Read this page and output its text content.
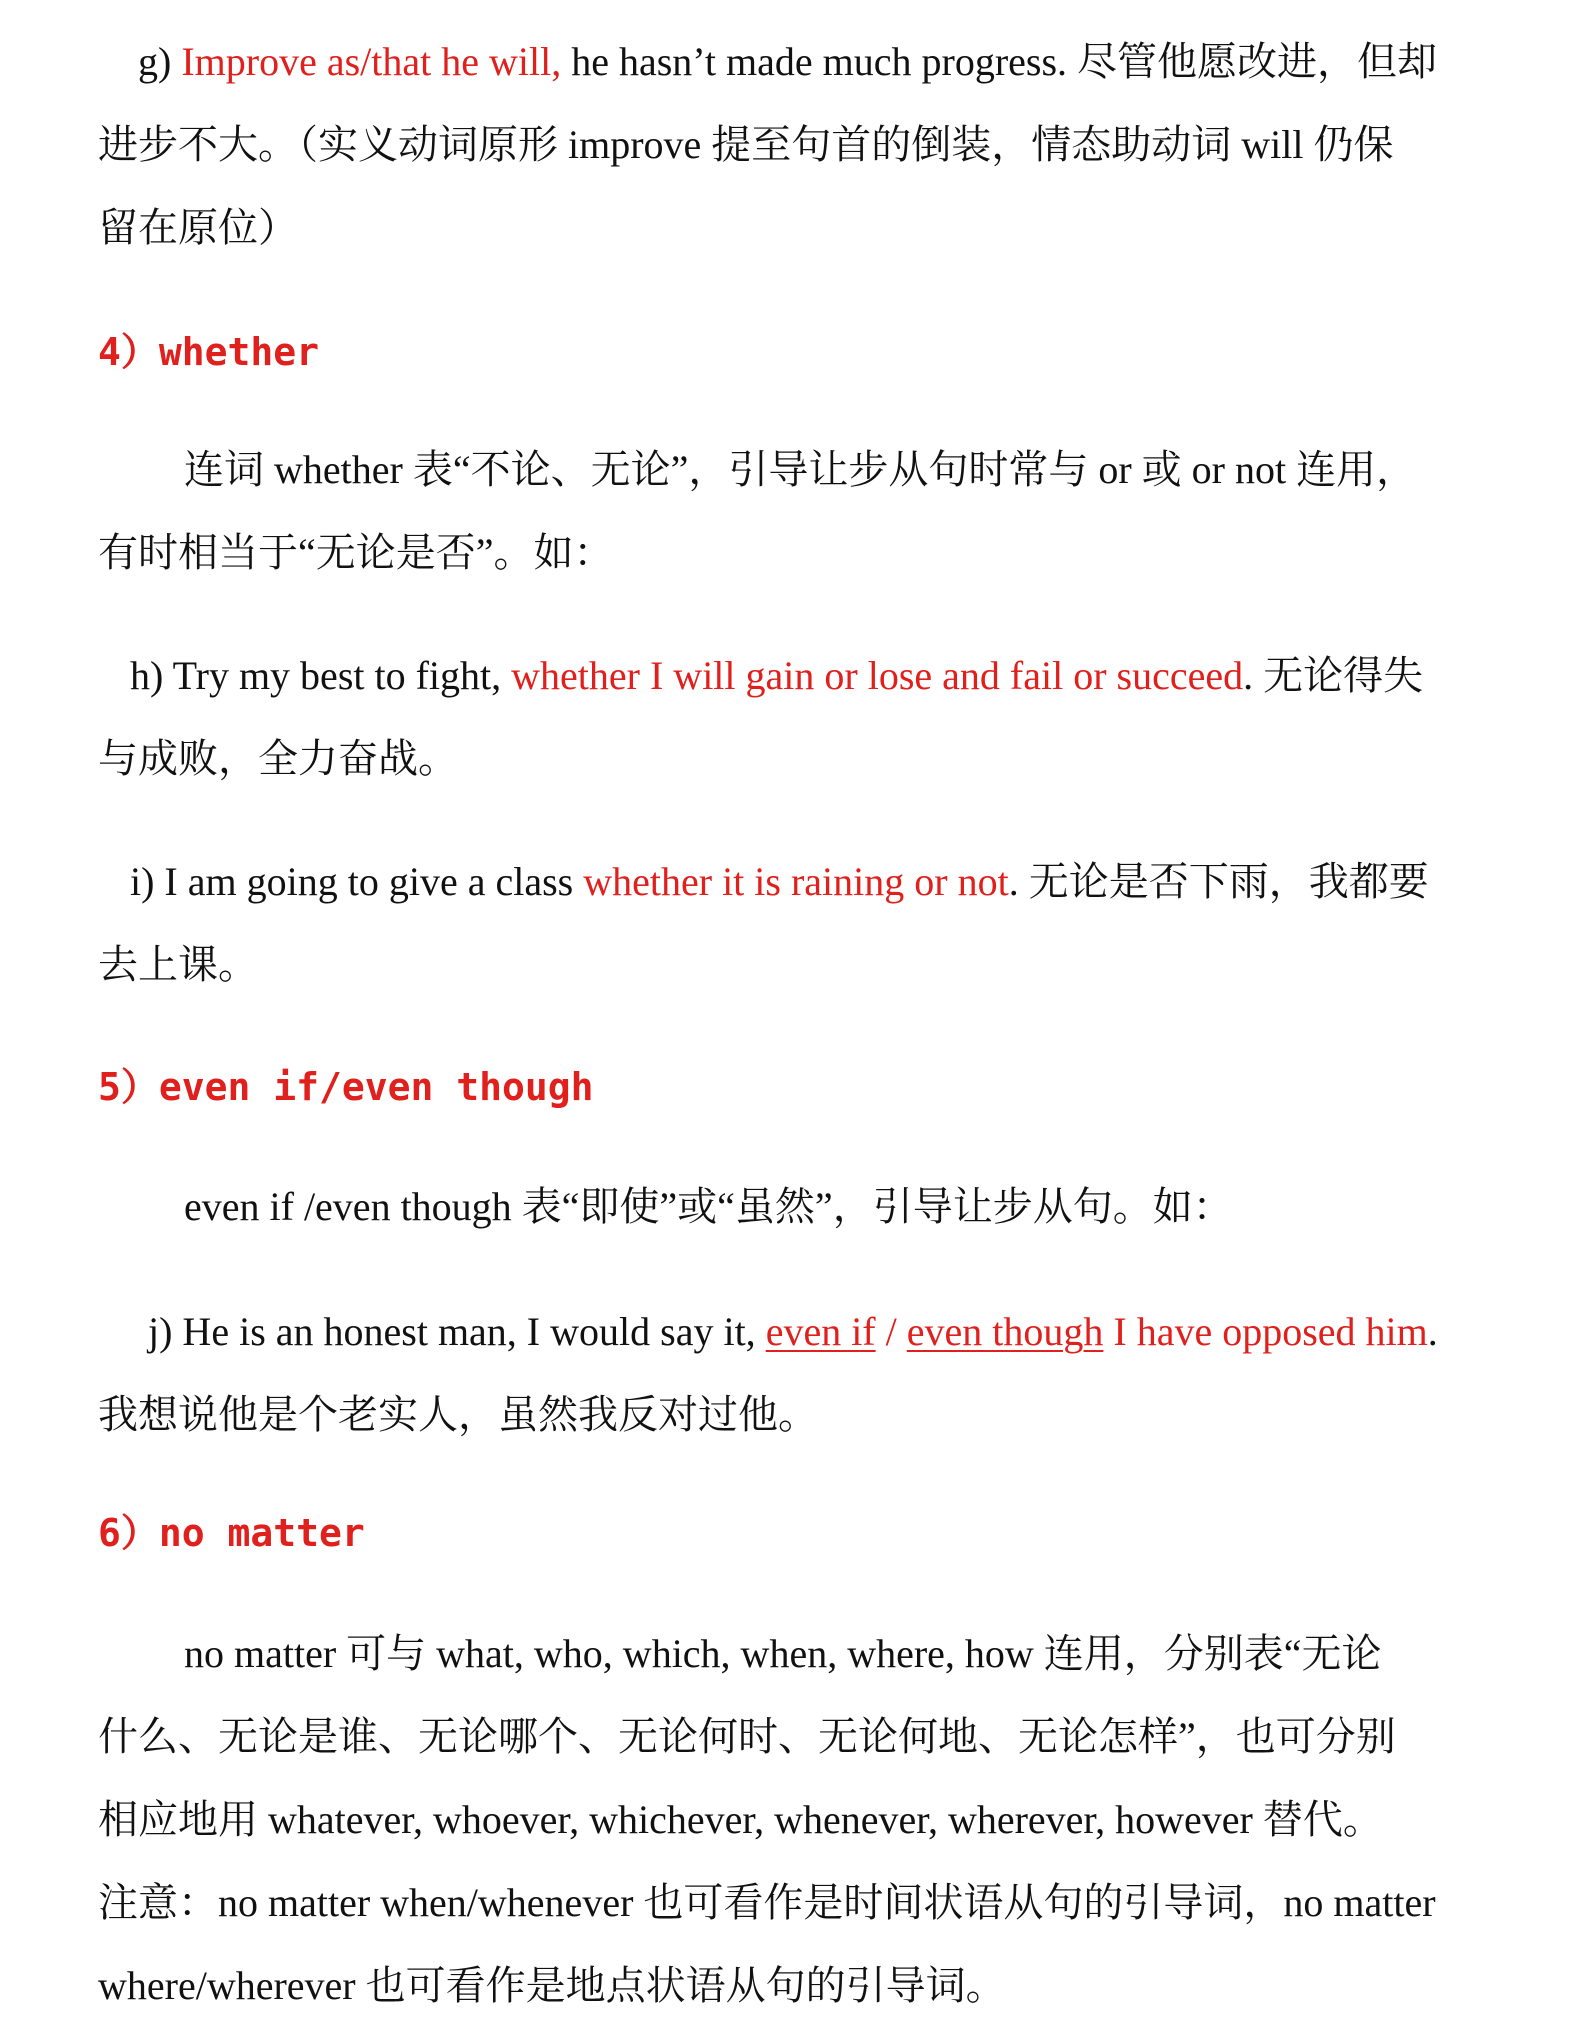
g) Improve as/that he will, he hasn’t made much progress. 尽管他愿改进，但却
进步不大。（实义动词原形 improve 提至句首的倒装，情态助动词 will 仍保
留在原位）
4）whether
连词 whether 表“不论、无论”，引导让步从句时常与 or 或 or not 连用，
有时相当于“无论是否”。如：
h) Try my best to fight, whether I will gain or lose and fail or succeed. 无论得失
与成败，全力奋战。
i) I am going to give a class whether it is raining or not. 无论是否下雨，我都要
去上课。
5）even if/even though
even if /even though 表“即使”或“虽然”，引导让步从句。如：
j) He is an honest man, I would say it, even if / even though I have opposed him.
我想说他是个老实人，虽然我反对过他。
6）no matter
no matter 可与 what, who, which, when, where, how 连用，分别表“无论
什么、无论是谁、无论哪个、无论何时、无论何地、无论怎样”，也可分别
相应地用 whatever, whoever, whichever, whenever, wherever, however 替代。
注意：no matter when/whenever 也可看作是时间状语从句的引导词，no matter
where/wherever 也可看作是地点状语从句的引导词。
